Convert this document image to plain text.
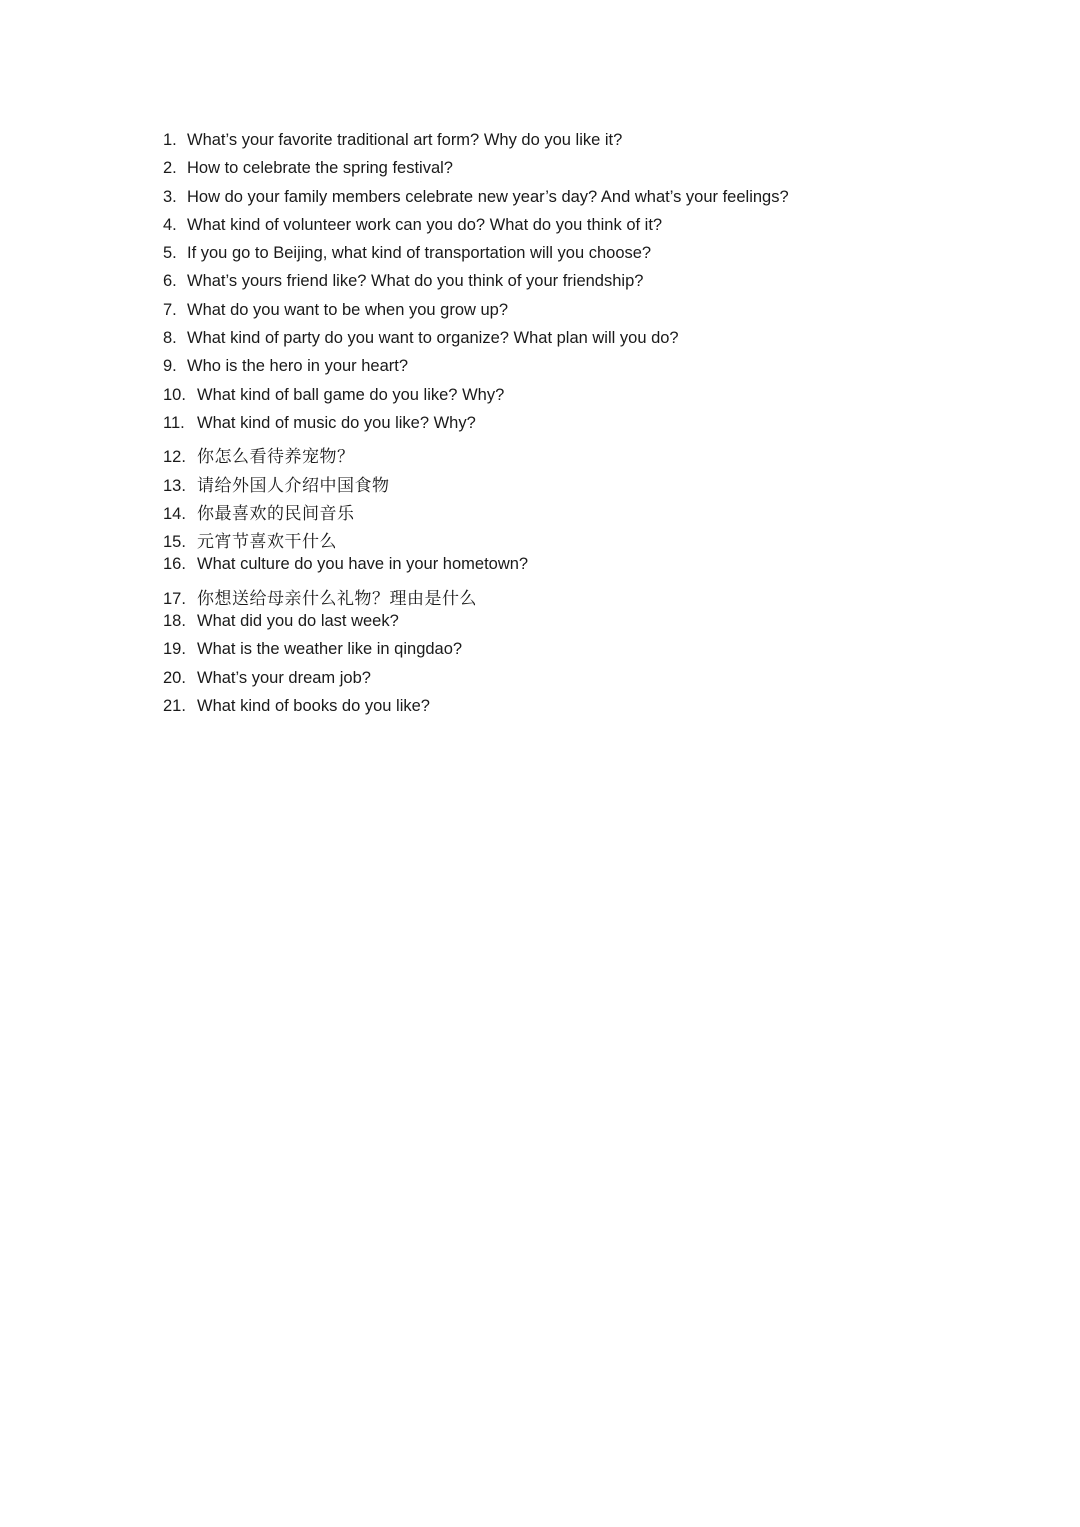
1. What’s your favorite traditional art form? Why do you like it?
2. How to celebrate the spring festival?
3. How do your family members celebrate new year’s day? And what’s your feelings?
4. What kind of volunteer work can you do? What do you think of it?
5. If you go to Beijing, what kind of transportation will you choose?
6. What’s yours friend like? What do you think of your friendship?
7. What do you want to be when you grow up?
8. What kind of party do you want to organize? What plan will you do?
9. Who is the hero in your heart?
10. What kind of ball game do you like? Why?
11. What kind of music do you like? Why?
12. 你怎么看待养宠物？
13. 请给外国人介绍中国食物
14. 你最喜欢的民间音乐
15. 元宵节喜欢干什么
16. What culture do you have in your hometown?
17. 你想送给母亲什么礼物？理由是什么
18. What did you do last week?
19. What is the weather like in qingdao?
20. What’s your dream job?
21. What kind of books do you like?
